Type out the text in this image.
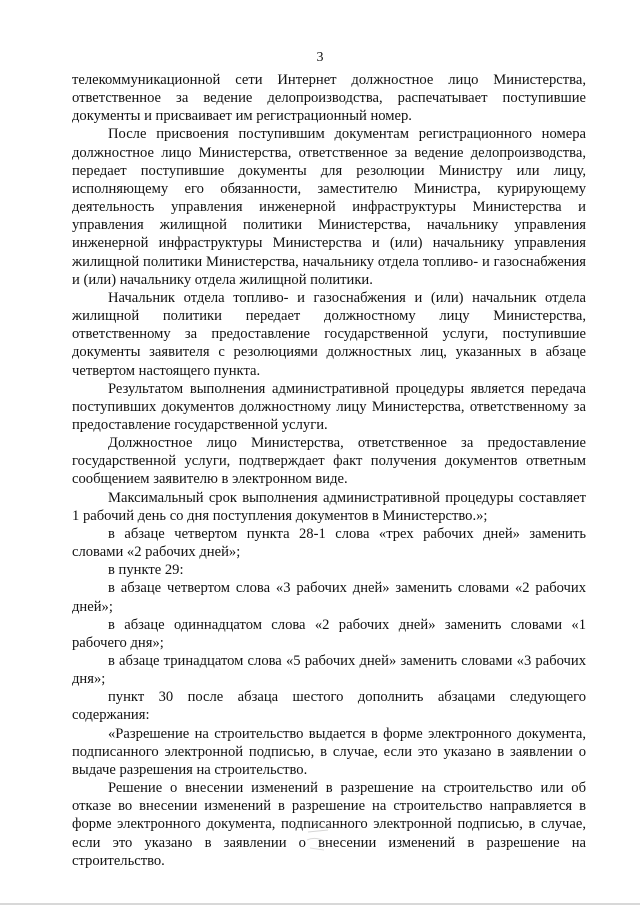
3

телекоммуникационной сети Интернет должностное лицо Министерства, ответственное за ведение делопроизводства, распечатывает поступившие документы и присваивает им регистрационный номер.

После присвоения поступившим документам регистрационного номера должностное лицо Министерства, ответственное за ведение делопроизводства, передает поступившие документы для резолюции Министру или лицу, исполняющему его обязанности, заместителю Министра, курирующему деятельность управления инженерной инфраструктуры Министерства и управления жилищной политики Министерства, начальнику управления инженерной инфраструктуры Министерства и (или) начальнику управления жилищной политики Министерства, начальнику отдела топливо- и газоснабжения и (или) начальнику отдела жилищной политики.

Начальник отдела топливо- и газоснабжения и (или) начальник отдела жилищной политики передает должностному лицу Министерства, ответственному за предоставление государственной услуги, поступившие документы заявителя с резолюциями должностных лиц, указанных в абзаце четвертом настоящего пункта.

Результатом выполнения административной процедуры является передача поступивших документов должностному лицу Министерства, ответственному за предоставление государственной услуги.

Должностное лицо Министерства, ответственное за предоставление государственной услуги, подтверждает факт получения документов ответным сообщением заявителю в электронном виде.

Максимальный срок выполнения административной процедуры составляет 1 рабочий день со дня поступления документов в Министерство.»;

в абзаце четвертом пункта 28-1 слова «трех рабочих дней» заменить словами «2 рабочих дней»;

в пункте 29:

в абзаце четвертом слова «3 рабочих дней» заменить словами «2 рабочих дней»;

в абзаце одиннадцатом слова «2 рабочих дней» заменить словами «1 рабочего дня»;

в абзаце тринадцатом слова «5 рабочих дней» заменить словами «3 рабочих дня»;

пункт 30 после абзаца шестого дополнить абзацами следующего содержания:

«Разрешение на строительство выдается в форме электронного документа, подписанного электронной подписью, в случае, если это указано в заявлении о выдаче разрешения на строительство.

Решение о внесении изменений в разрешение на строительство или об отказе во внесении изменений в разрешение на строительство направляется в форме электронного документа, подписанного электронной подписью, в случае, если это указано в заявлении о внесении изменений в разрешение на строительство.
